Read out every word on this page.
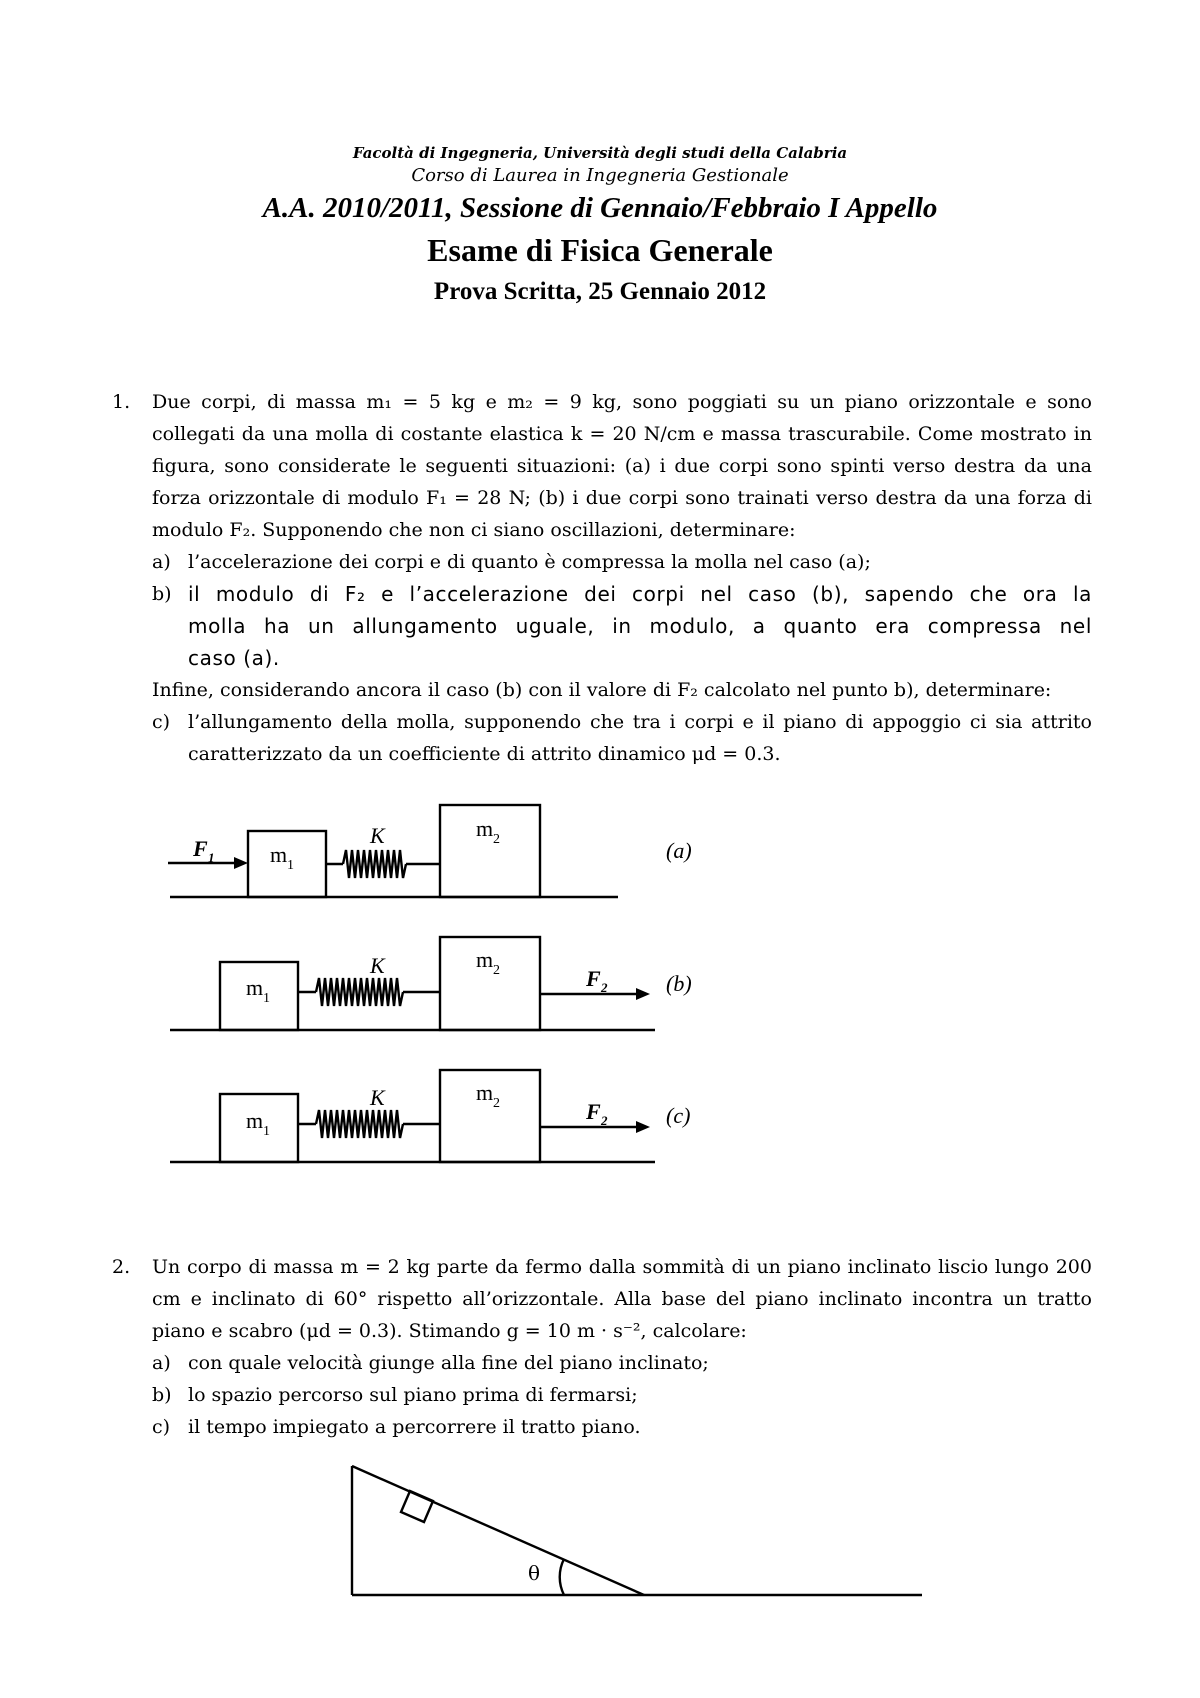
Facoltà di Ingegneria, Università degli studi della Calabria
Corso di Laurea in Ingegneria Gestionale
A.A. 2010/2011, Sessione di Gennaio/Febbraio I Appello
Esame di Fisica Generale
Prova Scritta, 25 Gennaio 2012
1. Due corpi, di massa m₁ = 5 kg e m₂ = 9 kg, sono poggiati su un piano orizzontale e sono
collegati da una molla di costante elastica k = 20 N/cm e massa trascurabile. Come mostrato in
figura, sono considerate le seguenti situazioni: (a) i due corpi sono spinti verso destra da una
forza orizzontale di modulo F₁ = 28 N; (b) i due corpi sono trainati verso destra da una forza di
modulo F₂. Supponendo che non ci siano oscillazioni, determinare:
a) l’accelerazione dei corpi e di quanto è compressa la molla nel caso (a);
b) il modulo di F₂ e l’accelerazione dei corpi nel caso (b), sapendo che ora la
molla ha un allungamento uguale, in modulo, a quanto era compressa nel
caso (a).
Infine, considerando ancora il caso (b) con il valore di F₂ calcolato nel punto b), determinare:
c) l’allungamento della molla, supponendo che tra i corpi e il piano di appoggio ci sia attrito
caratterizzato da un coefficiente di attrito dinamico μd = 0.3.
m 1
m 2
K
F 1	(a)
m 1
m 2
K
F 2	(b)
m 1
m 2
K
F 2	(c)
2. Un corpo di massa m = 2 kg parte da fermo dalla sommità di un piano inclinato liscio lungo 200
cm e inclinato di 60° rispetto all’orizzontale. Alla base del piano inclinato incontra un tratto
piano e scabro (μd = 0.3). Stimando g = 10 m · s⁻², calcolare:
a) con quale velocità giunge alla fine del piano inclinato;
b) lo spazio percorso sul piano prima di fermarsi;
c) il tempo impiegato a percorrere il tratto piano.
θ
